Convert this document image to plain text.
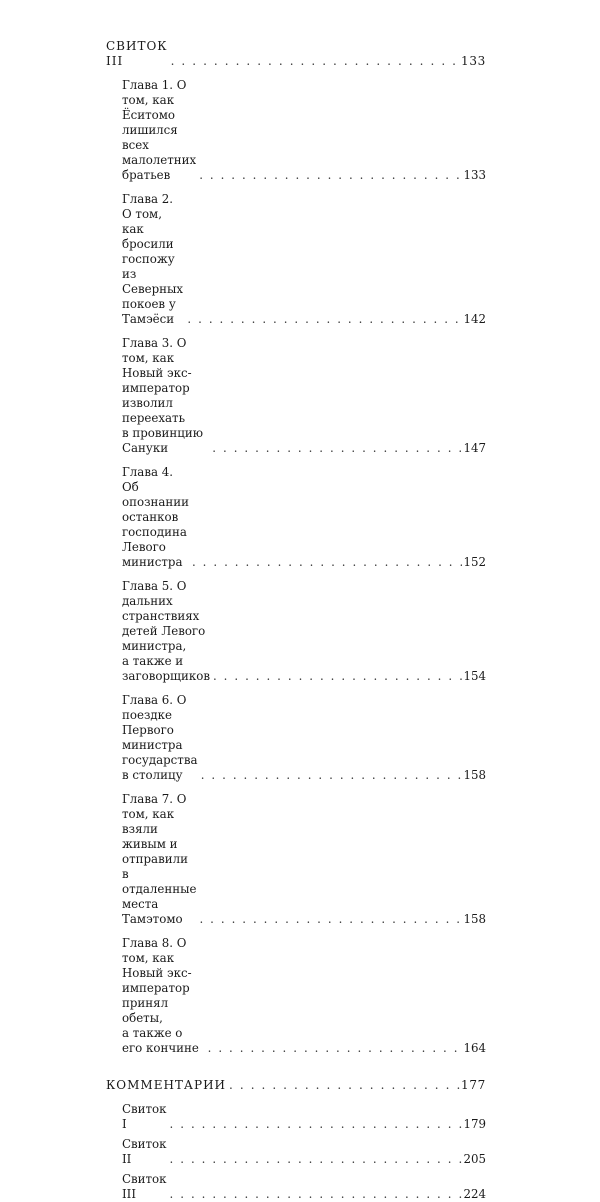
СВИТОК III . . .	133
Глава 1. О том, как Ёситомо
лишился всех малолетних братьев . . .	133
Глава 2. О том, как бросили
госпожу из Северных покоев у Тамэёси . . .	142
Глава 3. О том, как Новый экс-император изволил переехать
в провинцию Сануки . . .	147
Глава 4. Об опознании останков
господина Левого министра . . .	152
Глава 5. О дальних странствиях детей Левого министра,
а также и заговорщиков . . .	154
Глава 6. О поездке Первого министра государства
в столицу . . .	158
Глава 7. О том, как взяли живым и отправили
в отдаленные места Тамэтомо . . .	158
Глава 8. О том, как Новый экс-император принял обеты,
а также о его кончине . . .	164
КОММЕНТАРИИ . . .	177
Свиток I . . .	179
Свиток II . . .	205
Свиток III . . .	224
